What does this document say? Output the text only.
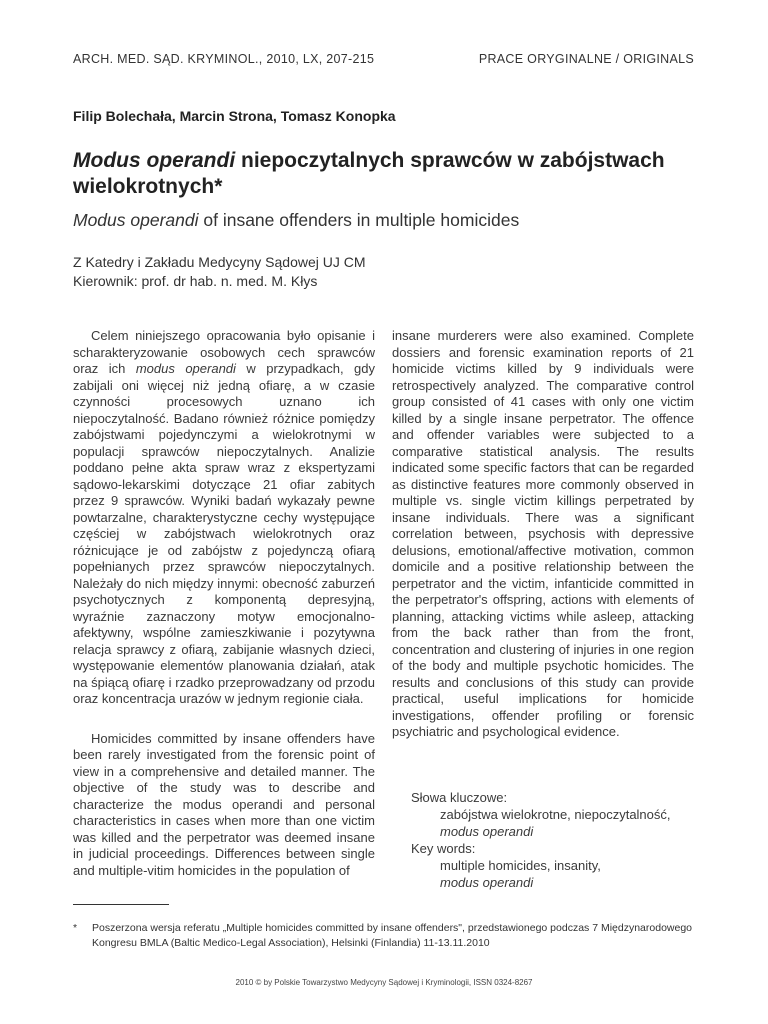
ARCH. MED. SĄD. KRYMINOL., 2010, LX, 207-215	PRACE ORYGINALNE / ORIGINALS
Filip Bolechała, Marcin Strona, Tomasz Konopka
Modus operandi niepoczytalnych sprawców w zabójstwach wielokrotnych*
Modus operandi of insane offenders in multiple homicides
Z Katedry i Zakładu Medycyny Sądowej UJ CM
Kierownik: prof. dr hab. n. med. M. Kłys

Celem niniejszego opracowania było opisanie i scharakteryzowanie osobowych cech sprawców oraz ich modus operandi w przypadkach, gdy zabijali oni więcej niż jedną ofiarę, a w czasie czynności procesowych uznano ich niepoczytalność. Badano również różnice pomiędzy zabójstwami pojedynczymi a wielokrotnymi w populacji sprawców niepoczytalnych. Analizie poddano pełne akta spraw wraz z ekspertyzami sądowo-lekarskimi dotyczące 21 ofiar zabitych przez 9 sprawców. Wyniki badań wykazały pewne powtarzalne, charakterystyczne cechy występujące częściej w zabójstwach wielokrotnych oraz różnicujące je od zabójstw z pojedynczą ofiarą popełnianych przez sprawców niepoczytalnych. Należały do nich między innymi: obecność zaburzeń psychotycznych z komponentą depresyjną, wyraźnie zaznaczony motyw emocjonalno-afektywny, wspólne zamieszkiwanie i pozytywna relacja sprawcy z ofiarą, zabijanie własnych dzieci, występowanie elementów planowania działań, atak na śpiącą ofiarę i rzadko przeprowadzany od przodu oraz koncentracja urazów w jednym regionie ciała.

Homicides committed by insane offenders have been rarely investigated from the forensic point of view in a comprehensive and detailed manner. The objective of the study was to describe and characterize the modus operandi and personal characteristics in cases when more than one victim was killed and the perpetrator was deemed insane in judicial proceedings. Differences between single and multiple-vitim homicides in the population of

insane murderers were also examined. Complete dossiers and forensic examination reports of 21 homicide victims killed by 9 individuals were retrospectively analyzed. The comparative control group consisted of 41 cases with only one victim killed by a single insane perpetrator. The offence and offender variables were subjected to a comparative statistical analysis. The results indicated some specific factors that can be regarded as distinctive features more commonly observed in multiple vs. single victim killings perpetrated by insane individuals. There was a significant correlation between, psychosis with depressive delusions, emotional/affective motivation, common domicile and a positive relationship between the perpetrator and the victim, infanticide committed in the perpetrator's offspring, actions with elements of planning, attacking victims while asleep, attacking from the back rather than from the front, concentration and clustering of injuries in one region of the body and multiple psychotic homicides. The results and conclusions of this study can provide practical, useful implications for homicide investigations, offender profiling or forensic psychiatric and psychological evidence.

Słowa kluczowe:
zabójstwa wielokrotne, niepoczytalność,
modus operandi
Key words:
multiple homicides, insanity,
modus operandi
*	Poszerzona wersja referatu „Multiple homicides committed by insane offenders", przedstawionego podczas 7 Międzynarodowego Kongresu BMLA (Baltic Medico-Legal Association), Helsinki (Finlandia) 11-13.11.2010
2010 © by Polskie Towarzystwo Medycyny Sądowej i Kryminologii, ISSN 0324-8267
